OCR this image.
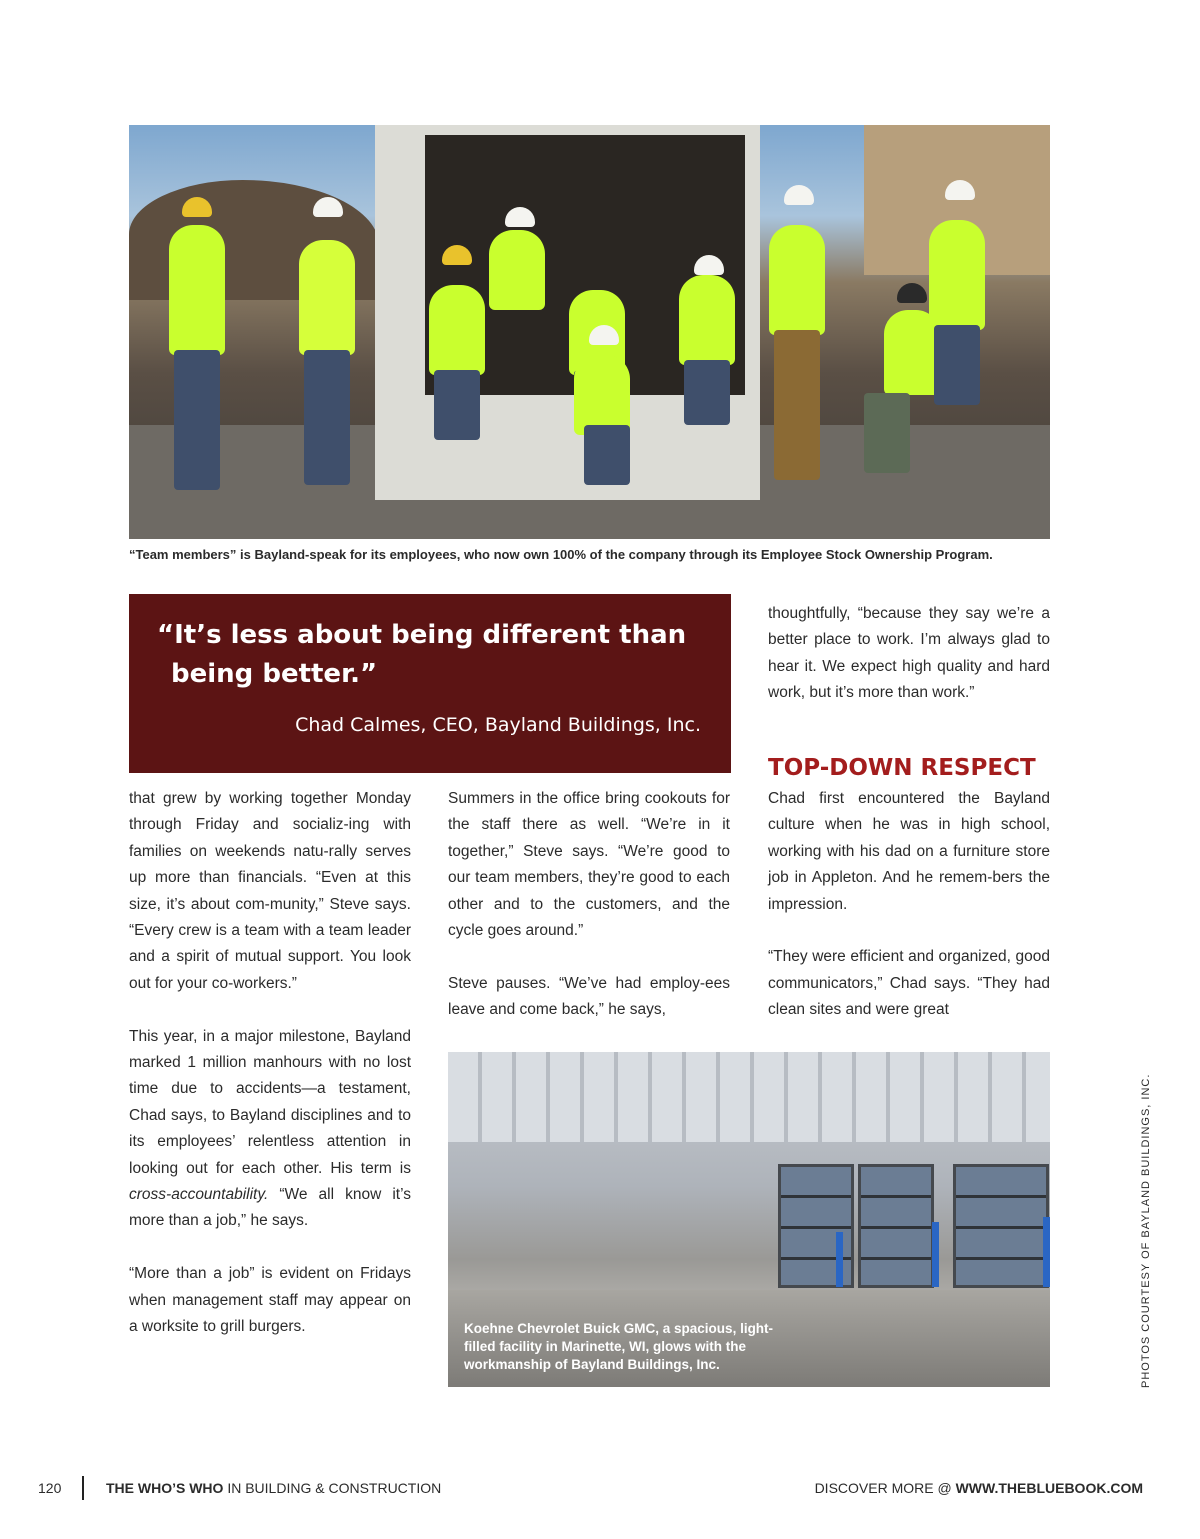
“Team members” is Bayland-speak for its employees, who now own 100% of the company through its Employee Stock Ownership Program.
“It’s less about being different than
being better.”
Chad Calmes, CEO, Bayland Buildings, Inc.

that grew by working together Monday through Friday and socializ-ing with families on weekends natu-rally serves up more than financials. “Even at this size, it’s about com-munity,” Steve says. “Every crew is a team with a team leader and a spirit of mutual support. You look out for your co-workers.”

This year, in a major milestone, Bayland marked 1 million manhours with no lost time due to accidents—a testament, Chad says, to Bayland disciplines and to its employees’ relentless attention in looking out for each other. His term is cross-accountability. “We all know it’s more than a job,” he says.

“More than a job” is evident on Fridays when management staff may appear on a worksite to grill burgers.

Summers in the office bring cookouts for the staff there as well. “We’re in it together,” Steve says. “We’re good to our team members, they’re good to each other and to the customers, and the cycle goes around.”

Steve pauses. “We’ve had employ-ees leave and come back,” he says,

thoughtfully, “because they say we’re a better place to work. I’m always glad to hear it. We expect high quality and hard work, but it’s more than work.”

TOP-DOWN RESPECT

Chad first encountered the Bayland culture when he was in high school, working with his dad on a furniture store job in Appleton. And he remem-bers the impression.

“They were efficient and organized, good communicators,” Chad says. “They had clean sites and were great

Koehne Chevrolet Buick GMC, a spacious, light-filled facility in Marinette, WI, glows with the workmanship of Bayland Buildings, Inc.	PHOTOS COURTESY OF BAYLAND BUILDINGS, INC.
120	THE WHO’S WHO IN BUILDING & CONSTRUCTION	DISCOVER MORE @ WWW.THEBLUEBOOK.COM
